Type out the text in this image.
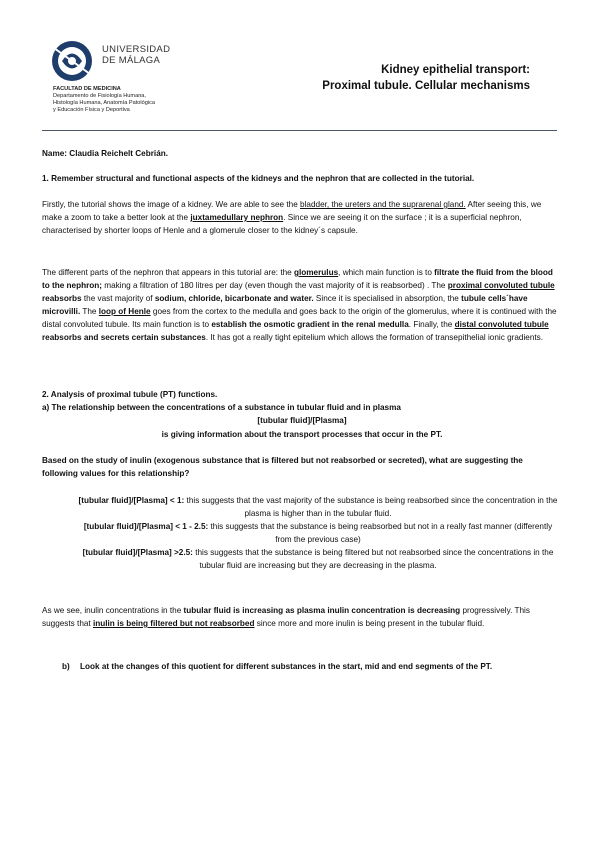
UNIVERSIDAD
DE MÁLAGA
FACULTAD DE MEDICINA
Departamento de Fisiología Humana,
Histología Humana, Anatomía Patológica
y Educación Física y Deportiva
Kidney epithelial transport:
Proximal tubule. Cellular mechanisms
Name: Claudia Reichelt Cebrián.
1. Remember structural and functional aspects of the kidneys and the nephron that are collected in the tutorial.
Firstly, the tutorial shows the image of a kidney. We are able to see the bladder, the ureters and the suprarenal gland. After seeing this, we make a zoom to take a better look at the juxtamedullary nephron. Since we are seeing it on the surface ; it is a superficial nephron, characterised by shorter loops of Henle and a glomerule closer to the kidney´s capsule.
The different parts of the nephron that appears in this tutorial are: the glomerulus, which main function is to filtrate the fluid from the blood to the nephron; making a filtration of 180 litres per day (even though the vast majority of it is reabsorbed) . The proximal convoluted tubule reabsorbs the vast majority of sodium, chloride, bicarbonate and water. Since it is specialised in absorption, the tubule cells´have microvilli. The loop of Henle goes from the cortex to the medulla and goes back to the origin of the glomerulus, where it is continued with the distal convoluted tubule. Its main function is to establish the osmotic gradient in the renal medulla. Finally, the distal convoluted tubule reabsorbs and secrets certain substances. It has got a really tight epitelium which allows the formation of transepithelial ionic gradients.
2. Analysis of proximal tubule (PT) functions.
a) The relationship between the concentrations of a substance in tubular fluid and in plasma
[tubular fluid]/[Plasma]
is giving information about the transport processes that occur in the PT.
Based on the study of inulin (exogenous substance that is filtered but not reabsorbed or secreted), what are suggesting the following values for this relationship?
[tubular fluid]/[Plasma] < 1: this suggests that the vast majority of the substance is being reabsorbed since the concentration in the plasma is higher than in the tubular fluid.
[tubular fluid]/[Plasma] < 1 - 2.5: this suggests that the substance is being reabsorbed but not in a really fast manner (differently from the previous case)
[tubular fluid]/[Plasma] >2.5: this suggests that the substance is being filtered but not reabsorbed since the concentrations in the tubular fluid are increasing but they are decreasing in the plasma.
As we see, inulin concentrations in the tubular fluid is increasing as plasma inulin concentration is decreasing progressively. This suggests that inulin is being filtered but not reabsorbed since more and more inulin is being present in the tubular fluid.
b) Look at the changes of this quotient for different substances in the start, mid and end segments of the PT.
